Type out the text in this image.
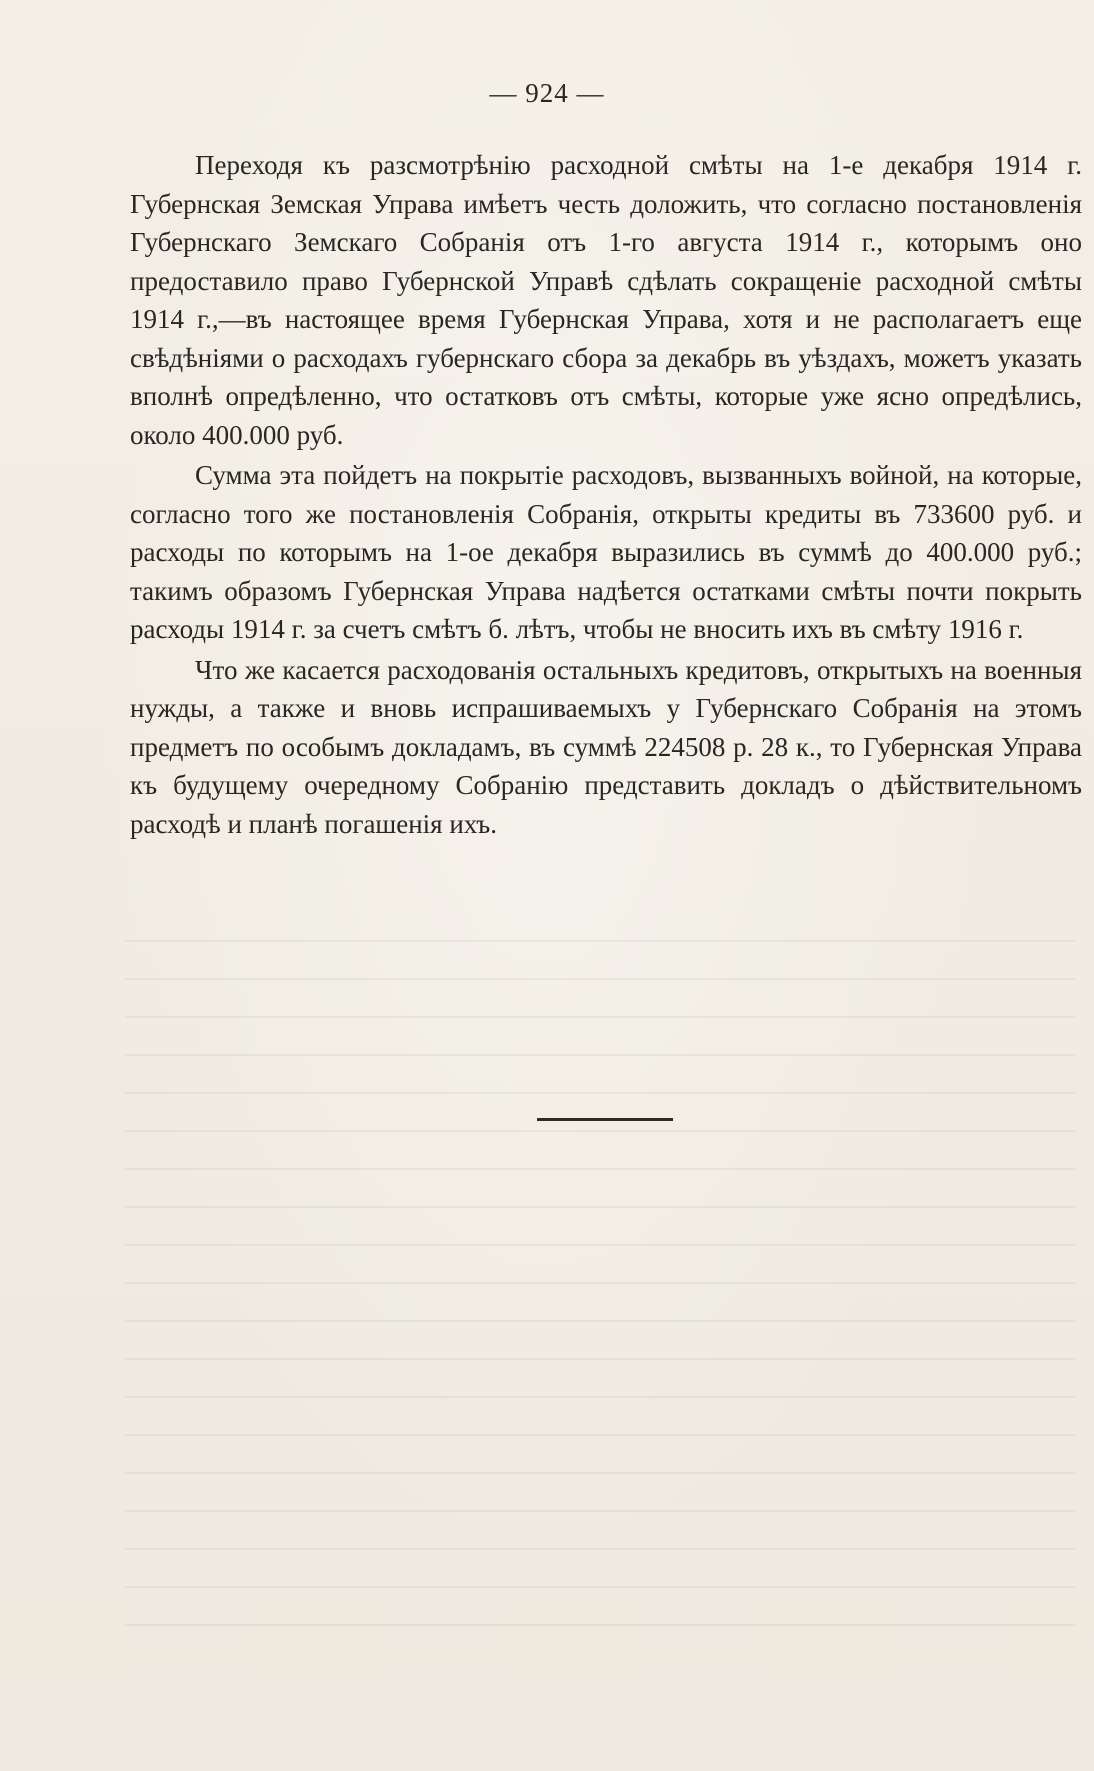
— 924 —

Переходя къ разсмотрѣнію расходной смѣты на 1-е декабря 1914 г. Губернская Земская Управа имѣетъ честь доложить, что согласно постановленія Губернскаго Земскаго Собранія отъ 1-го августа 1914 г., которымъ оно предоставило право Губернской Управѣ сдѣлать сокращеніе расходной смѣты 1914 г.,—въ настоящее время Губернская Управа, хотя и не располагаетъ еще свѣдѣніями о расходахъ губернскаго сбора за декабрь въ уѣздахъ, можетъ указать вполнѣ опредѣленно, что остатковъ отъ смѣты, которые уже ясно опредѣлись, около 400.000 руб.

Сумма эта пойдетъ на покрытіе расходовъ, вызванныхъ войной, на которые, согласно того же постановленія Собранія, открыты кредиты въ 733600 руб. и расходы по которымъ на 1-ое декабря выразились въ суммѣ до 400.000 руб.; такимъ образомъ Губернская Управа надѣется остатками смѣты почти покрыть расходы 1914 г. за счетъ смѣтъ б. лѣтъ, чтобы не вносить ихъ въ смѣту 1916 г.

Что же касается расходованія остальныхъ кредитовъ, открытыхъ на военныя нужды, а также и вновь испрашиваемыхъ у Губернскаго Собранія на этомъ предметъ по особымъ докладамъ, въ суммѣ 224508 р. 28 к., то Губернская Управа къ будущему очередному Собранію представить докладъ о дѣйствительномъ расходѣ и планѣ погашенія ихъ.
